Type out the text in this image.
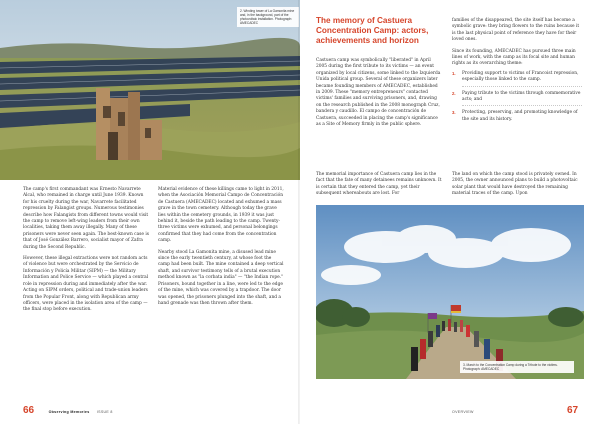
2. Winding tower of La Gamonita mine and, in the background, part of the photovoltaic installation. Photograph: AMECADEC

The camp's first commandant was Ernesto Navarrete Alcal, who remained in charge until June 1939. Known for his cruelty during the war, Navarrete facilitated repression by Falangist groups. Numerous testimonies describe how Falangists from different towns would visit the camp to remove left-wing leaders from their own localities, taking them away illegally. Many of these prisoners were never seen again. The best-known case is that of José González Barrero, socialist mayor of Zafra during the Second Republic.

However, these illegal extractions were not random acts of violence but were orchestrated by the Servicio de Información y Policía Militar (SIPM) — the Military Information and Police Service — which played a central role in repression during and immediately after the war. Acting on SIPM orders, political and trade-union leaders from the Popular Front, along with Republican army officers, were placed in the isolation area of the camp — the final stop before execution.

Material evidence of these killings came to light in 2011, when the Asociación Memorial Campo de Concentración de Castuera (AMECADEC) located and exhumed a mass grave in the town cemetery. Although today the grave lies within the cemetery grounds, in 1939 it was just behind it, beside the path leading to the camp. Twenty-three victims were exhumed, and personal belongings confirmed that they had come from the concentration camp.

Nearby stood La Gamonita mine, a disused lead mine since the early twentieth century, at whose foot the camp had been built. The mine contained a deep vertical shaft, and survivor testimony tells of a brutal execution method known as "la corbata india" — "the Indian rope." Prisoners, bound together in a line, were led to the edge of the mine, which was covered by a trapdoor. The door was opened, the prisoners plunged into the shaft, and a hand grenade was then thrown after them.

66	Observing Memories ISSUE 8
The memory of Castuera Concentration Camp: actors, achievements and horizon

Castuera camp was symbolically "liberated" in April 2005 during the first tribute to its victims — an event organized by local citizens, some linked to the Izquierda Unida political group. Several of these organizers later became founding members of AMECADEC, established in 2009. These "memory entrepreneurs" contacted victims' families and surviving prisoners, and, drawing on the research published in the 2008 monograph Cruz, bandera y caudillo. El campo de concentración de Castuera, succeeded in placing the camp's significance as a Site of Memory firmly in the public sphere.

families of the disappeared, the site itself has become a symbolic grave: they bring flowers to the ruins because it is the last physical point of reference they have for their loved ones.

Since its founding, AMECADEC has pursued three main lines of work, with the camp as its focal site and human rights as its overarching theme:

1. Providing support to victims of Francoist repression, especially those linked to the camp.
2. Paying tribute to the victims through commemorative acts; and
3. Protecting, preserving, and promoting knowledge of the site and its history.

The memorial importance of Castuera camp lies in the fact that the fate of many detainees remains unknown. It is certain that they entered the camp, yet their subsequent whereabouts are lost. For

The land on which the camp stood is privately owned. In 2005, the owner announced plans to build a photovoltaic solar plant that would have destroyed the remaining material traces of the camp. Upon

3. March to the Concentration Camp during a Tribute to the victims. Photograph: AMECADEC
OVERVIEW	67
